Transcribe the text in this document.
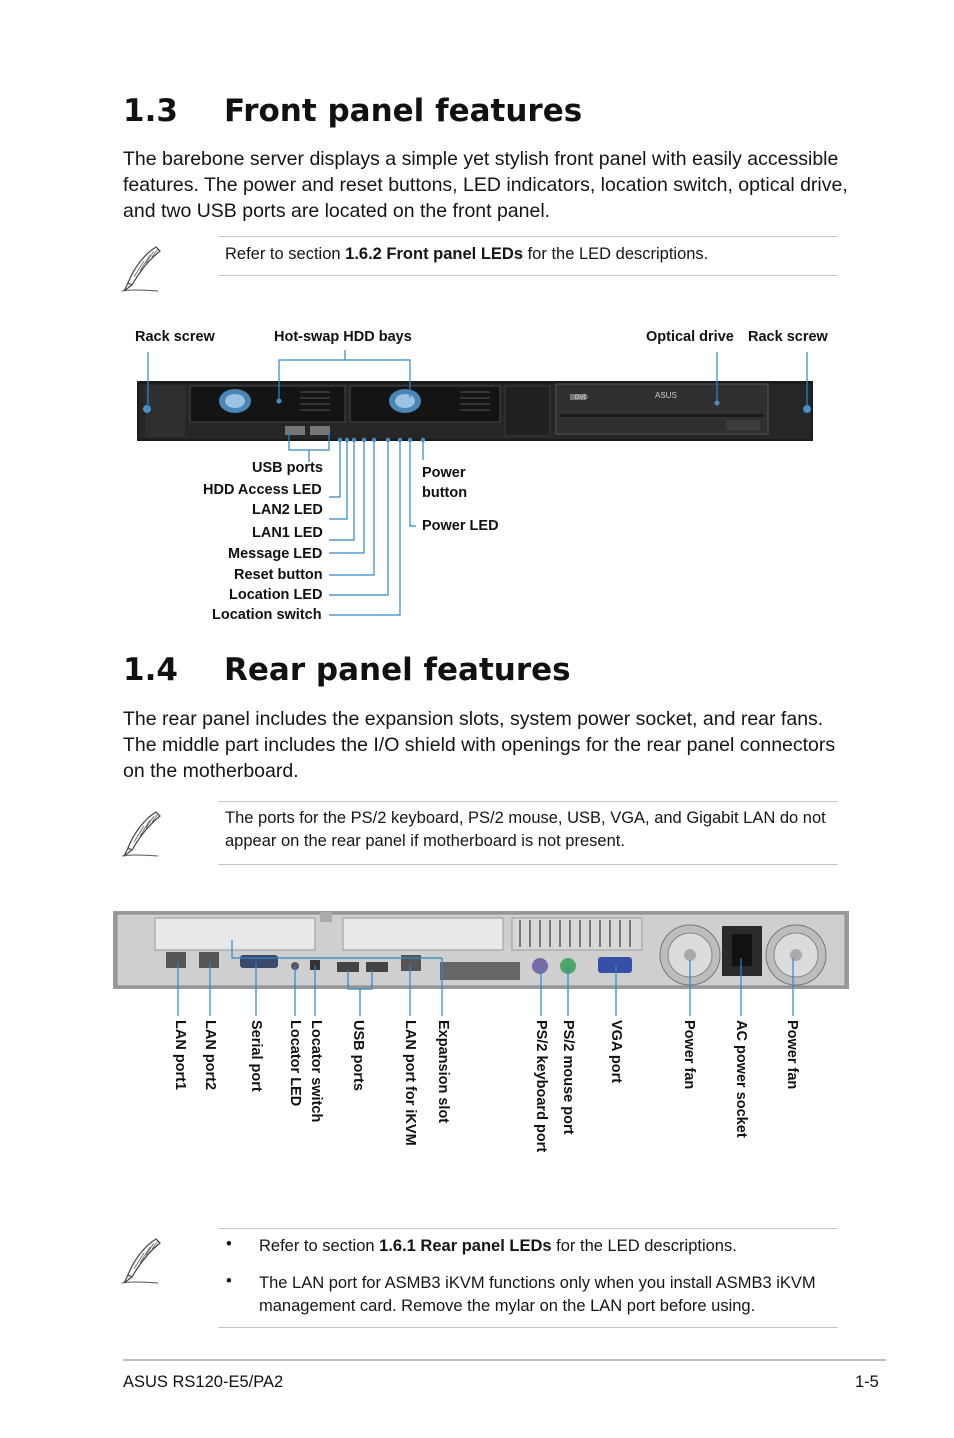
1.3 Front panel features

The barebone server displays a simple yet stylish front panel with easily accessible features. The power and reset buttons, LED indicators, location switch, optical drive, and two USB ports are located on the front panel.

Refer to section 1.6.2 Front panel LEDs for the LED descriptions.
Rack screw	Hot-swap HDD bays	Optical drive Rack screw
DVD	ASUS
USB ports
HDD Access LED
LAN2 LED
LAN1 LED
Message LED
Reset button
Location LED
Location switch
Power
button
Power LED
1.4 Rear panel features

The rear panel includes the expansion slots, system power socket, and rear fans. The middle part includes the I/O shield with openings for the rear panel connectors on the motherboard.

The ports for the PS/2 keyboard, PS/2 mouse, USB, VGA, and Gigabit LAN do not appear on the rear panel if motherboard is not present.
LAN port1 LAN port2 Serial port Locator LED Locator switch USB ports LAN port for iKVM Expansion slot	PS/2 keyboard port PS/2 mouse port VGA port	Power fan AC power socket Power fan
• Refer to section 1.6.1 Rear panel LEDs for the LED descriptions.
• The LAN port for ASMB3 iKVM functions only when you install ASMB3 iKVM management card. Remove the mylar on the LAN port before using.
ASUS RS120-E5/PA2	1-5
